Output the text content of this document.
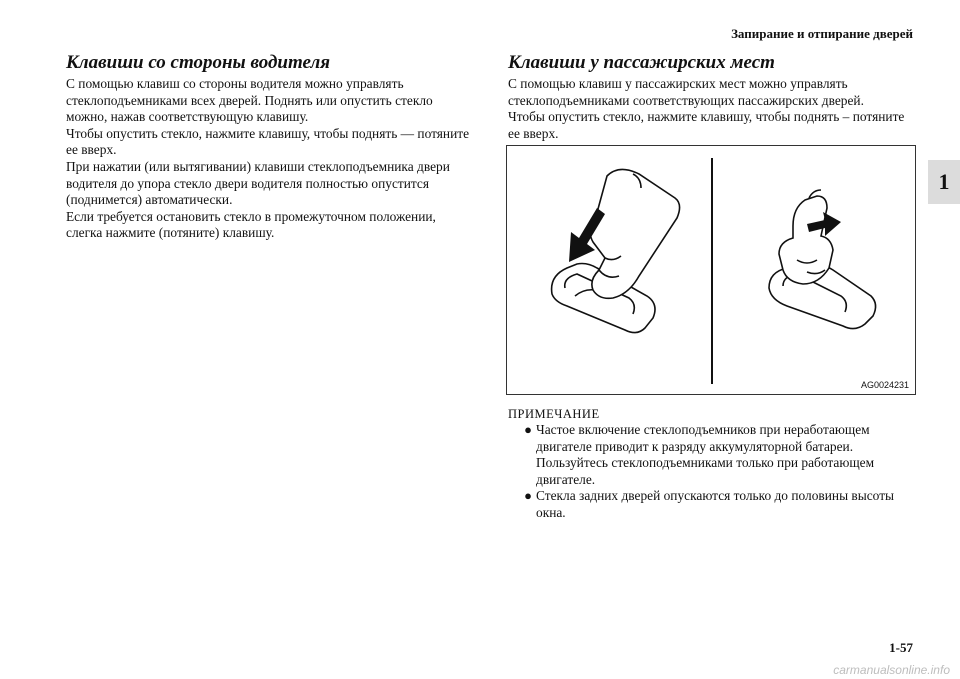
Запирание и отпирание дверей
1
Клавиши со стороны водителя

С помощью клавиш со стороны водителя можно управлять
стеклоподъемниками всех дверей. Поднять или опустить стекло
можно, нажав соответствующую клавишу.

Чтобы опустить стекло, нажмите клавишу, чтобы поднять — потяните
ее вверх.

При нажатии (или вытягивании) клавиши стеклоподъемника двери
водителя до упора стекло двери водителя полностью опустится
(поднимется) автоматически.

Если требуется остановить стекло в промежуточном положении,
слегка нажмите (потяните) клавишу.

Клавиши у пассажирских мест

С помощью клавиш у пассажирских мест можно управлять
стеклоподъемниками соответствующих пассажирских дверей.

Чтобы опустить стекло, нажмите клавишу, чтобы поднять – потяните
ее вверх.

AG0024231
ПРИМЕЧАНИЕ
● Частое включение стеклоподъемников при неработающем
двигателе приводит к разряду аккумуляторной батареи.
Пользуйтесь стеклоподъемниками только при работающем
двигателе.
● Стекла задних дверей опускаются только до половины высоты
окна.
1-57
carmanualsonline.info
